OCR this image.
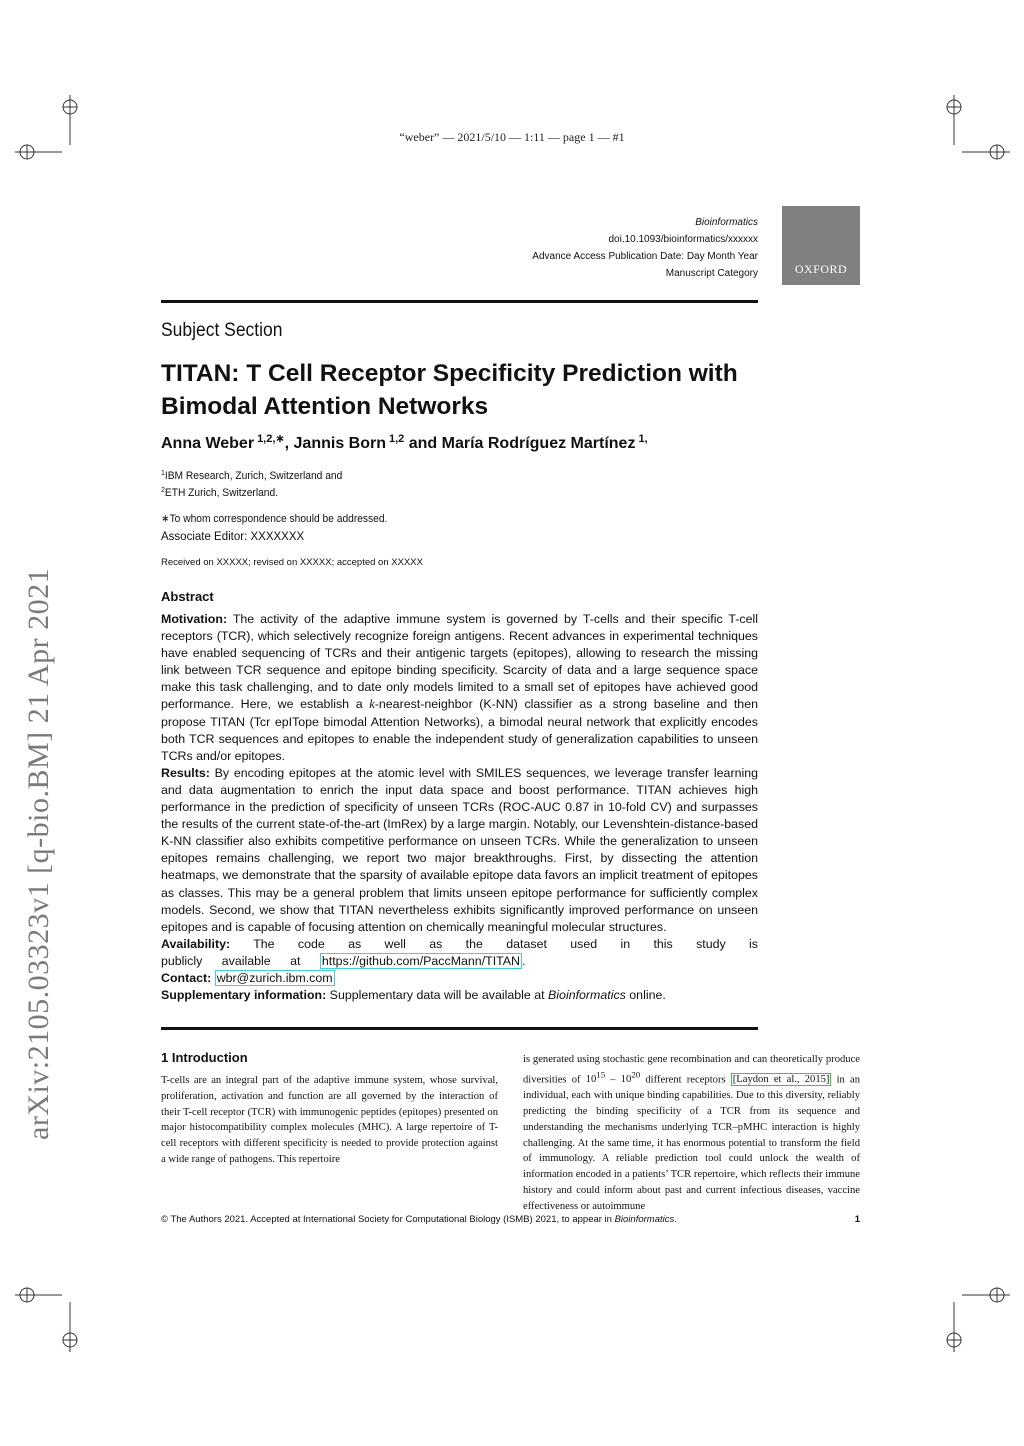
arXiv:2105.03323v1 [q-bio.BM] 21 Apr 2021
“weber” — 2021/5/10 — 1:11 — page 1 — #1
Bioinformatics
doi.10.1093/bioinformatics/xxxxxx
Advance Access Publication Date: Day Month Year
Manuscript Category	OXFORD
Subject Section
TITAN: T Cell Receptor Specificity Prediction with Bimodal Attention Networks
Anna Weber $^{1,2,∗}$, Jannis Born $^{1,2}$ and María Rodríguez Martínez $^{1,}$
$^1$IBM Research, Zurich, Switzerland and
$^2$ETH Zurich, Switzerland.
∗To whom correspondence should be addressed.
Associate Editor: XXXXXXX
Received on XXXXX; revised on XXXXX; accepted on XXXXX
Abstract

Motivation: The activity of the adaptive immune system is governed by T-cells and their specific T-cell receptors (TCR), which selectively recognize foreign antigens. Recent advances in experimental techniques have enabled sequencing of TCRs and their antigenic targets (epitopes), allowing to research the missing link between TCR sequence and epitope binding specificity. Scarcity of data and a large sequence space make this task challenging, and to date only models limited to a small set of epitopes have achieved good performance. Here, we establish a k-nearest-neighbor (K-NN) classifier as a strong baseline and then propose TITAN (Tcr epITope bimodal Attention Networks), a bimodal neural network that explicitly encodes both TCR sequences and epitopes to enable the independent study of generalization capabilities to unseen TCRs and/or epitopes.

Results: By encoding epitopes at the atomic level with SMILES sequences, we leverage transfer learning and data augmentation to enrich the input data space and boost performance. TITAN achieves high performance in the prediction of specificity of unseen TCRs (ROC-AUC 0.87 in 10-fold CV) and surpasses the results of the current state-of-the-art (ImRex) by a large margin. Notably, our Levenshtein-distance-based K-NN classifier also exhibits competitive performance on unseen TCRs. While the generalization to unseen epitopes remains challenging, we report two major breakthroughs. First, by dissecting the attention heatmaps, we demonstrate that the sparsity of available epitope data favors an implicit treatment of epitopes as classes. This may be a general problem that limits unseen epitope performance for sufficiently complex models. Second, we show that TITAN nevertheless exhibits significantly improved performance on unseen epitopes and is capable of focusing attention on chemically meaningful molecular structures.

Availability: The code as well as the dataset used in this study is publicly available at https://github.com/PaccMann/TITAN .

Contact: wbr@zurich.ibm.com

Supplementary information: Supplementary data will be available at Bioinformatics online.

1 Introduction
T-cells are an integral part of the adaptive immune system, whose survival, proliferation, activation and function are all governed by the interaction of their T-cell receptor (TCR) with immunogenic peptides (epitopes) presented on major histocompatibility complex molecules (MHC). A large repertoire of T-cell receptors with different specificity is needed to provide protection against a wide range of pathogens. This repertoire
is generated using stochastic gene recombination and can theoretically produce diversities of $10^{15} - 10^{20}$ different receptors [Laydon et al., 2015] in an individual, each with unique binding capabilities. Due to this diversity, reliably predicting the binding specificity of a TCR from its sequence and understanding the mechanisms underlying TCR–pMHC interaction is highly challenging. At the same time, it has enormous potential to transform the field of immunology. A reliable prediction tool could unlock the wealth of information encoded in a patients’ TCR repertoire, which reflects their immune history and could inform about past and current infectious diseases, vaccine effectiveness or autoimmune
© The Authors 2021. Accepted at International Society for Computational Biology (ISMB) 2021, to appear in Bioinformatics.	1
